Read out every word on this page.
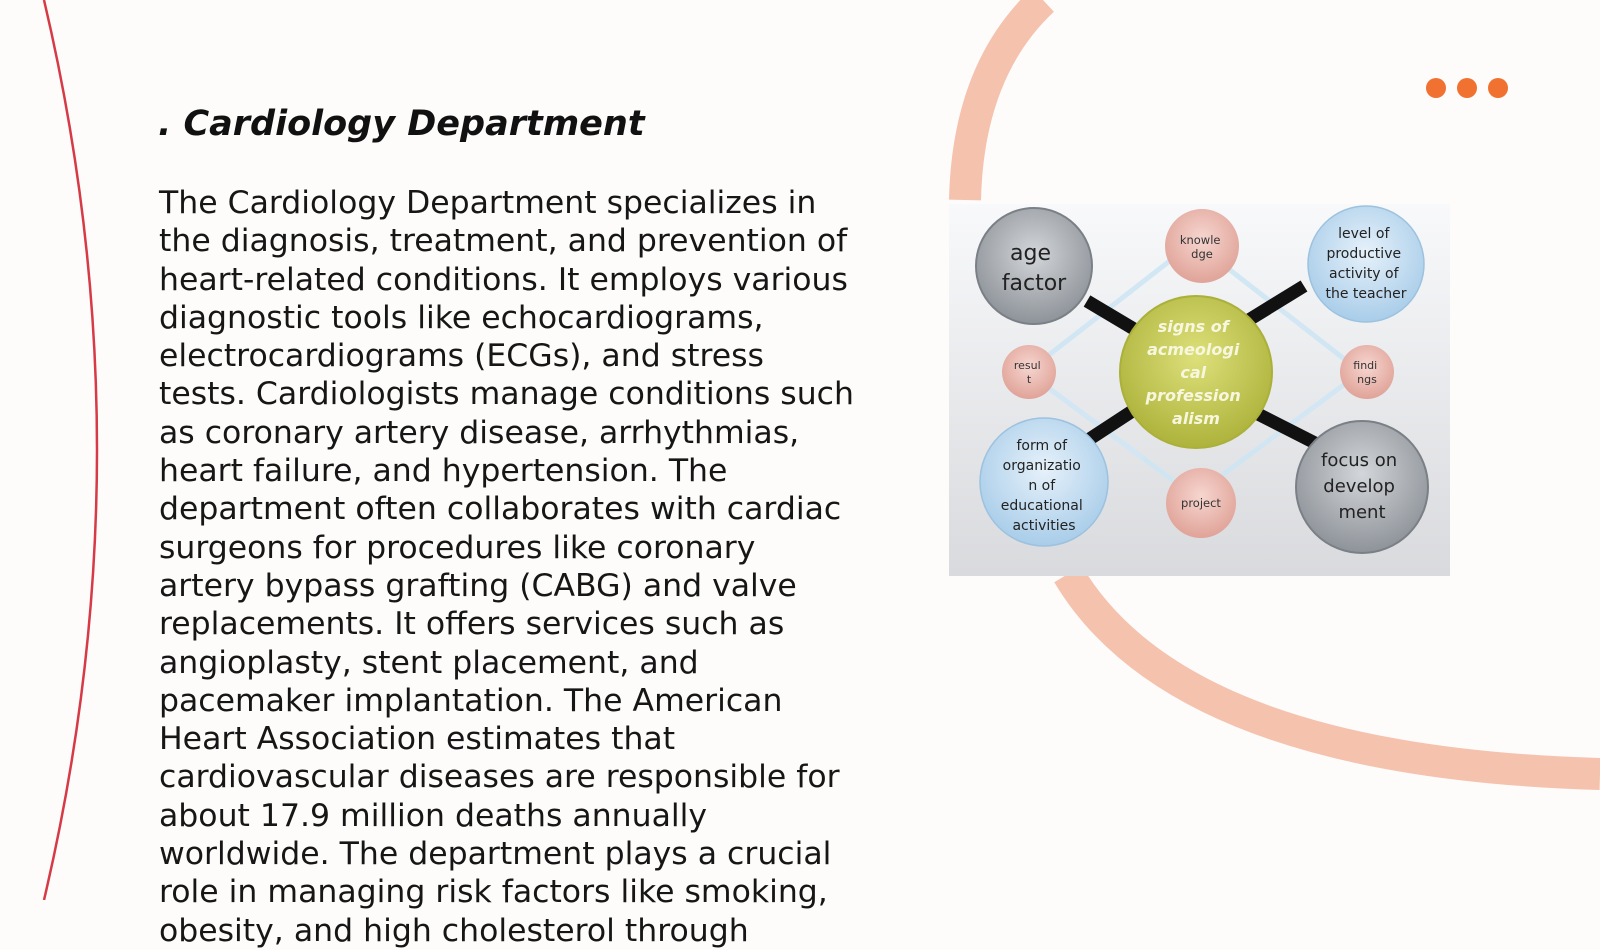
. Cardiology Department

The Cardiology Department specializes in the diagnosis, treatment, and prevention of heart-related conditions. It employs various diagnostic tools like echocardiograms, electrocardiograms (ECGs), and stress tests. Cardiologists manage conditions such as coronary artery disease, arrhythmias, heart failure, and hypertension. The department often collaborates with cardiac surgeons for procedures like coronary artery bypass grafting (CABG) and valve replacements. It offers services such as angioplasty, stent placement, and pacemaker implantation. The American Heart Association estimates that cardiovascular diseases are responsible for about 17.9 million deaths annually worldwide. The department plays a crucial role in managing risk factors like smoking, obesity, and high cholesterol through

age factor
knowle dge
level of productive activity of the teacher
resul t
signs of acmeologi cal profession alism
findi ngs
form of organizatio n of educational activities
project
focus on develop ment
